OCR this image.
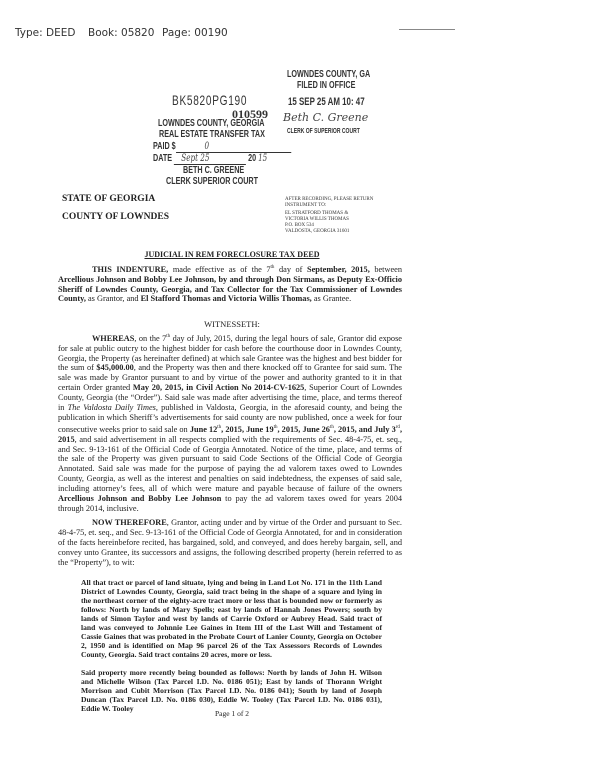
Type: DEED Book: 05820 Page: 00190
LOWNDES COUNTY, GA
FILED IN OFFICE
15 SEP 25 AM 10: 47
Beth C. Greene
CLERK OF SUPERIOR COURT
BK5820PG190
010599
LOWNDES COUNTY, GEORGIA
REAL ESTATE TRANSFER TAX
PAID $	0
DATE Sept 25	20 15
BETH C. GREENE
CLERK SUPERIOR COURT
STATE OF GEORGIA
COUNTY OF LOWNDES
AFTER RECORDING, PLEASE RETURN
INSTRUMENT TO:
EL STRATFORD THOMAS &
VICTORIA WILLIS THOMAS
P.O. BOX 534
VALDOSTA, GEORGIA 31601
JUDICIAL IN REM FORECLOSURE TAX DEED
THIS INDENTURE, made effective as of the 7th day of September, 2015, between Arcellious Johnson and Bobby Lee Johnson, by and through Don Sirmans, as Deputy Ex-Officio Sheriff of Lowndes County, Georgia, and Tax Collector for the Tax Commissioner of Lowndes County, as Grantor, and El Stafford Thomas and Victoria Willis Thomas, as Grantee.
WITNESSETH:
WHEREAS, on the 7th day of July, 2015, during the legal hours of sale, Grantor did expose for sale at public outcry to the highest bidder for cash before the courthouse door in Lowndes County, Georgia, the Property (as hereinafter defined) at which sale Grantee was the highest and best bidder for the sum of $45,000.00, and the Property was then and there knocked off to Grantee for said sum. The sale was made by Grantor pursuant to and by virtue of the power and authority granted to it in that certain Order granted May 20, 2015, in Civil Action No 2014-CV-1625, Superior Court of Lowndes County, Georgia (the “Order”). Said sale was made after advertising the time, place, and terms thereof in The Valdosta Daily Times, published in Valdosta, Georgia, in the aforesaid county, and being the publication in which Sheriff’s advertisements for said county are now published, once a week for four consecutive weeks prior to said sale on June 12th, 2015, June 19th, 2015, June 26th, 2015, and July 3rd, 2015, and said advertisement in all respects complied with the requirements of Sec. 48-4-75, et. seq., and Sec. 9-13-161 of the Official Code of Georgia Annotated. Notice of the time, place, and terms of the sale of the Property was given pursuant to said Code Sections of the Official Code of Georgia Annotated. Said sale was made for the purpose of paying the ad valorem taxes owed to Lowndes County, Georgia, as well as the interest and penalties on said indebtedness, the expenses of said sale, including attorney’s fees, all of which were mature and payable because of failure of the owners Arcellious Johnson and Bobby Lee Johnson to pay the ad valorem taxes owed for years 2004 through 2014, inclusive.
NOW THEREFORE, Grantor, acting under and by virtue of the Order and pursuant to Sec. 48-4-75, et. seq., and Sec. 9-13-161 of the Official Code of Georgia Annotated, for and in consideration of the facts hereinbefore recited, has bargained, sold, and conveyed, and does hereby bargain, sell, and convey unto Grantee, its successors and assigns, the following described property (herein referred to as the “Property”), to wit:
All that tract or parcel of land situate, lying and being in Land Lot No. 171 in the 11th Land District of Lowndes County, Georgia, said tract being in the shape of a square and lying in the northeast corner of the eighty-acre tract more or less that is bounded now or formerly as follows: North by lands of Mary Spells; east by lands of Hannah Jones Powers; south by lands of Simon Taylor and west by lands of Carrie Oxford or Aubrey Head. Said tract of land was conveyed to Johnnie Lee Gaines in Item III of the Last Will and Testament of Cassie Gaines that was probated in the Probate Court of Lanier County, Georgia on October 2, 1950 and is identified on Map 96 parcel 26 of the Tax Assessors Records of Lowndes County, Georgia. Said tract contains 20 acres, more or less.
Said property more recently being bounded as follows: North by lands of John H. Wilson and Michelle Wilson (Tax Parcel I.D. No. 0186 051); East by lands of Thorann Wright Morrison and Cubit Morrison (Tax Parcel I.D. No. 0186 041); South by land of Joseph Duncan (Tax Parcel I.D. No. 0186 030), Eddie W. Tooley (Tax Parcel I.D. No. 0186 031), Eddie W. Tooley
Page 1 of 2
